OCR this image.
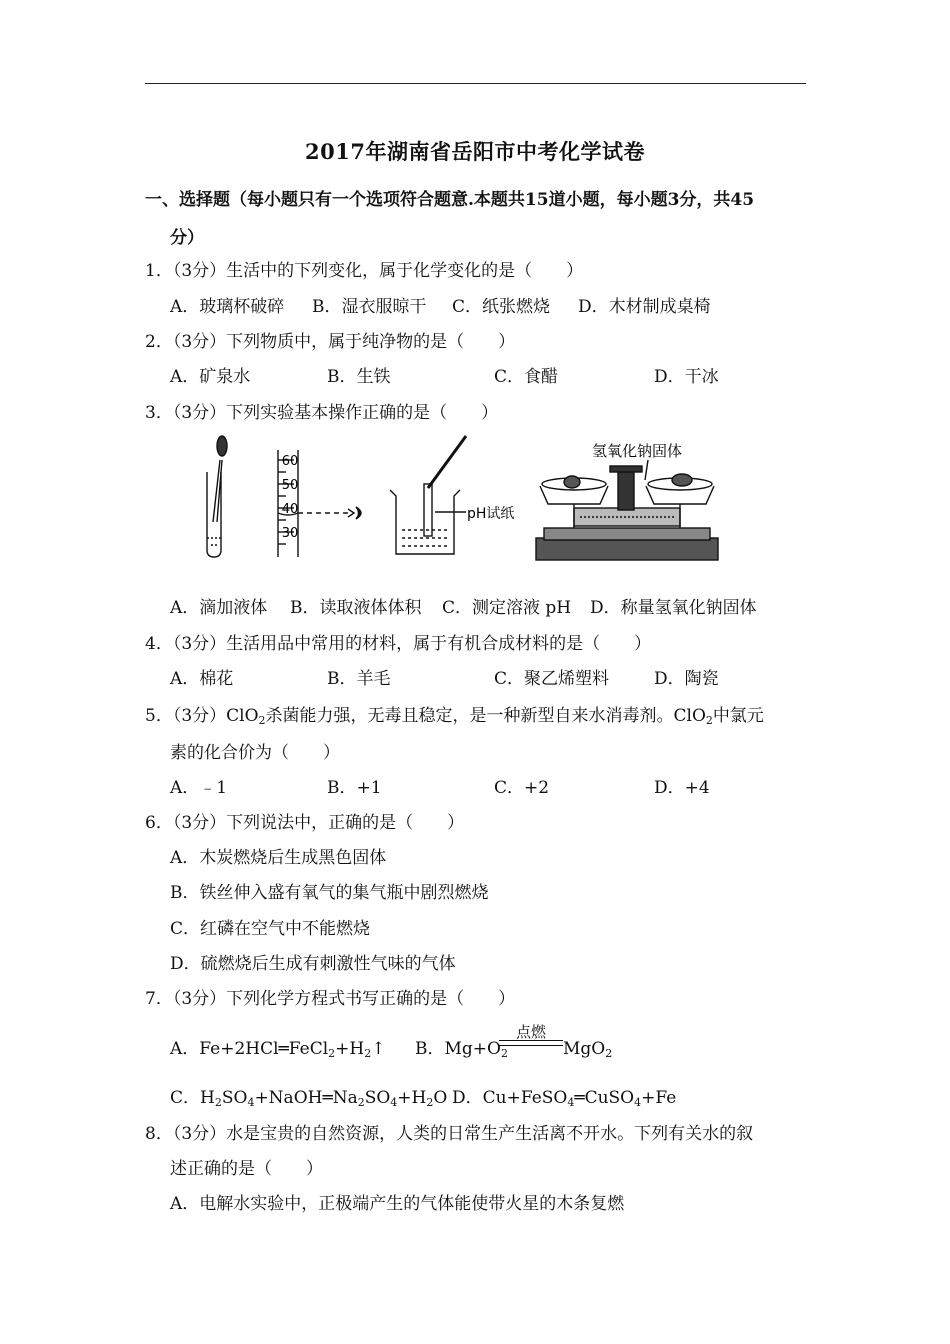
2017年湖南省岳阳市中考化学试卷
一、选择题（每小题只有一个选项符合题意.本题共15道小题，每小题3分，共45
分）
1．（3分）生活中的下列变化，属于化学变化的是（　　）
A．玻璃杯破碎 B．湿衣服晾干 C．纸张燃烧 D．木材制成桌椅
2．（3分）下列物质中，属于纯净物的是（　　）
A．矿泉水	B．生铁	C．食醋	D．干冰
3．（3分）下列实验基本操作正确的是（　　）
60
50
40
30
pH试纸
氢氧化钠固体
A．滴加液体 B．读取液体体积 C．测定溶液 pH D．称量氢氧化钠固体
4．（3分）生活用品中常用的材料，属于有机合成材料的是（　　）
A．棉花	B．羊毛	C．聚乙烯塑料	D．陶瓷
5．（3分）ClO$_2$杀菌能力强，无毒且稳定，是一种新型自来水消毒剂。ClO$_2$中氯元
素的化合价为（　　）
A．﹣1	B．+1	C．+2	D．+4
6．（3分）下列说法中，正确的是（　　）
A．木炭燃烧后生成黑色固体
B．铁丝伸入盛有氧气的集气瓶中剧烈燃烧
C．红磷在空气中不能燃烧
D．硫燃烧后生成有刺激性气味的气体
7．（3分）下列化学方程式书写正确的是（　　）
A．$Fe+2HCl═FeCl_2+H_2↑$ B．$Mg+O_2$
点燃
MgO$_2$
C．$H_2SO_4+NaOH═Na_2SO_4+H_2O$ D．Cu+FeSO$_4$═CuSO$_4$+Fe
8．（3分）水是宝贵的自然资源，人类的日常生产生活离不开水。下列有关水的叙
述正确的是（　　）
A．电解水实验中，正极端产生的气体能使带火星的木条复燃
